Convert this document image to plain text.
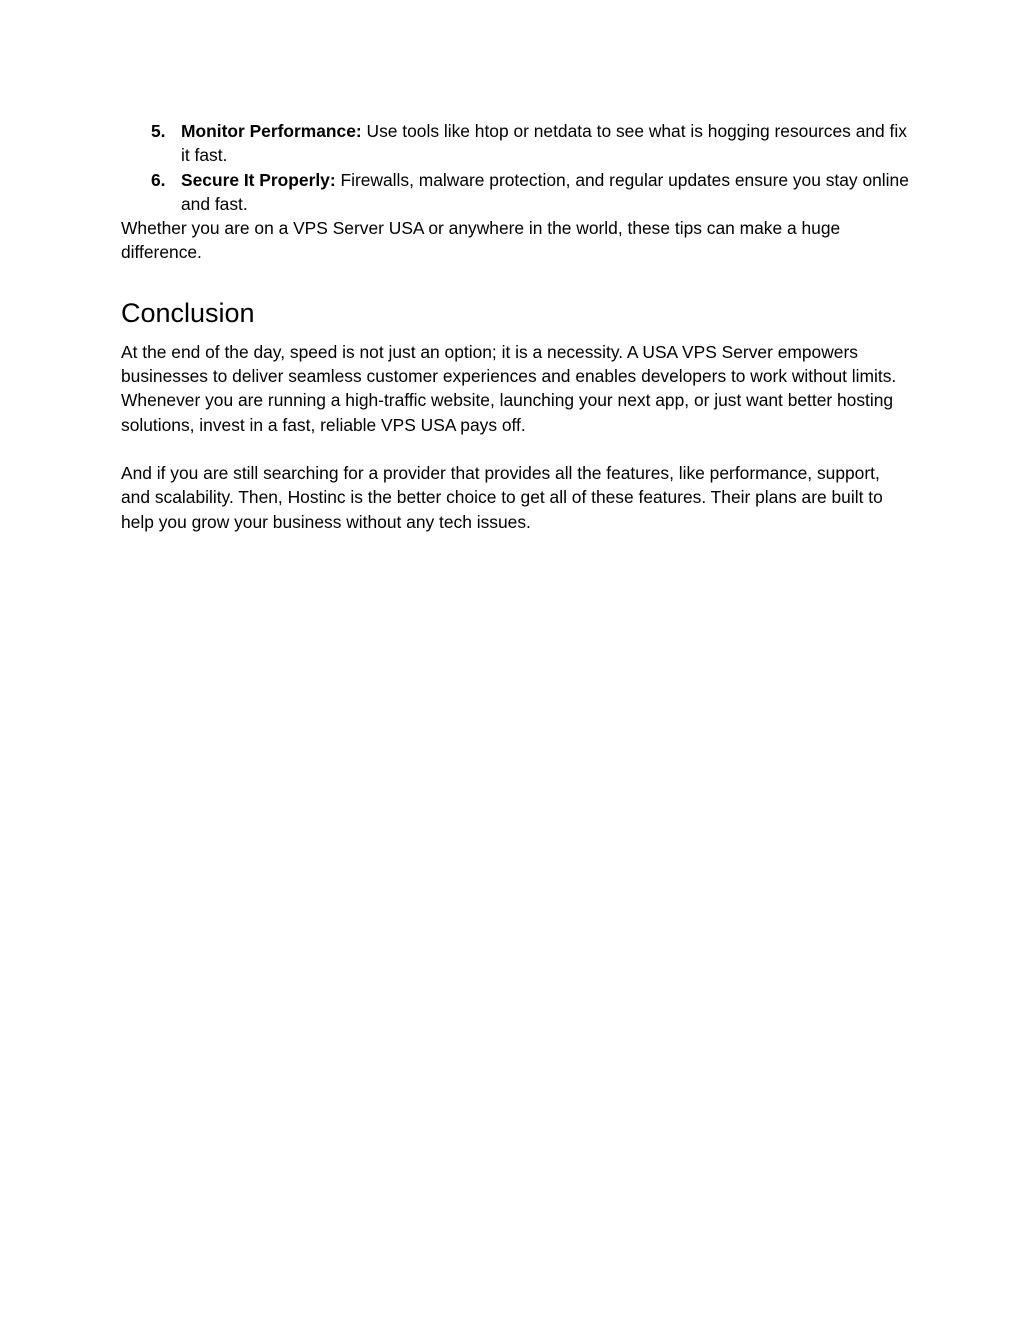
5. Monitor Performance: Use tools like htop or netdata to see what is hogging resources and fix it fast.
6. Secure It Properly: Firewalls, malware protection, and regular updates ensure you stay online and fast.

Whether you are on a VPS Server USA or anywhere in the world, these tips can make a huge difference.

Conclusion

At the end of the day, speed is not just an option; it is a necessity. A USA VPS Server empowers businesses to deliver seamless customer experiences and enables developers to work without limits. Whenever you are running a high-traffic website, launching your next app, or just want better hosting solutions, invest in a fast, reliable VPS USA pays off.

And if you are still searching for a provider that provides all the features, like performance, support, and scalability. Then, Hostinc is the better choice to get all of these features. Their plans are built to help you grow your business without any tech issues.
